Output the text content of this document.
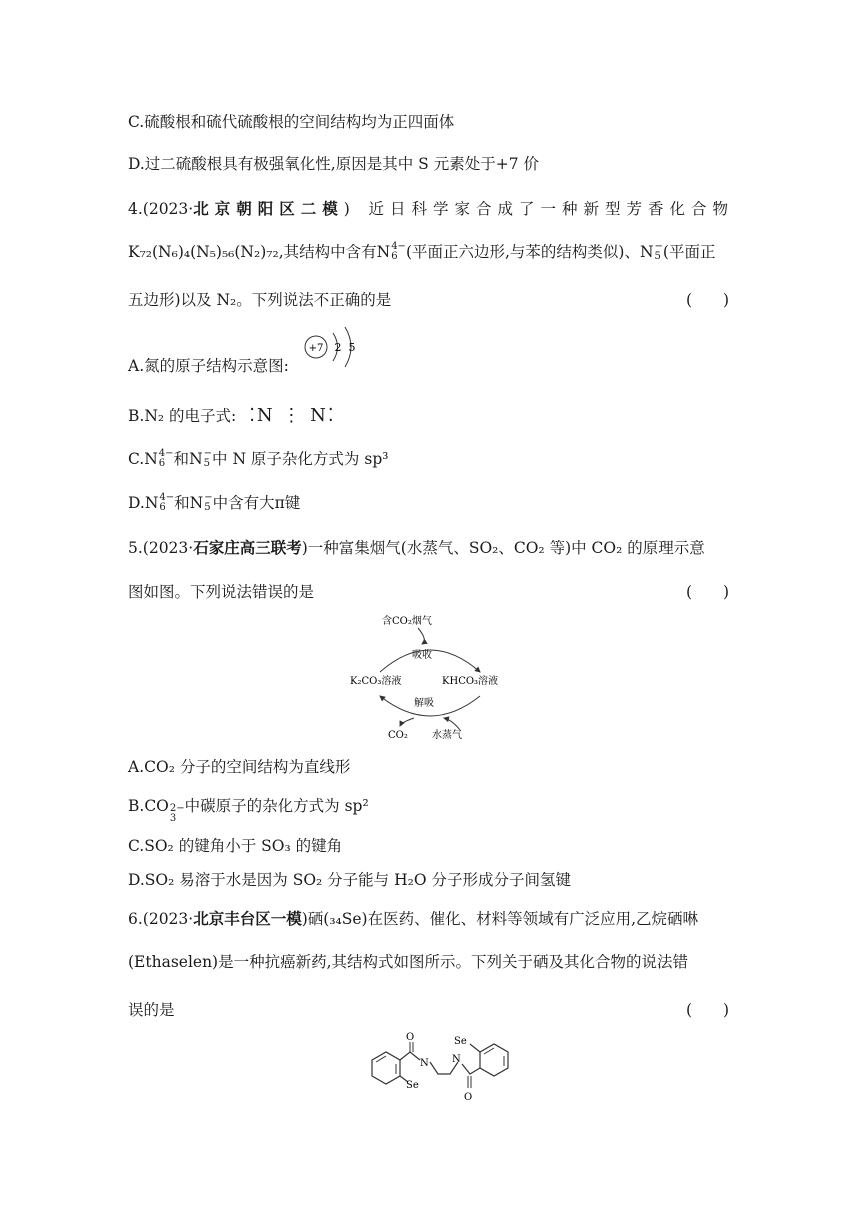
C.硫酸根和硫代硫酸根的空间结构均为正四面体
D.过二硫酸根具有极强氧化性,原因是其中 S 元素处于+7 价
4.(2023·北京朝阳区二模) 近日科学家合成了一种新型芳香化合物
K₇₂(N₆)₄(N₅)₅₆(N₂)₇₂,其结构中含有 N 4−
6 (平面正六边形,与苯的结构类似)、 N −
5 (平面正
五边形)以及 N₂。下列说法不正确的是	(　　)
A.氮的原子结构示意图:
+7 2 5
B.N₂ 的电子式: ⁚N ⋮ N⁚
C. N 4−
6 和 N −
5 中 N 原子杂化方式为 sp³
D. N 4−
6 和 N −
5 中含有大π键
5.(2023·石家庄高三联考)一种富集烟气(水蒸气、SO₂、CO₂ 等)中 CO₂ 的原理示意
图如图。下列说法错误的是	(　　)
含CO₂烟气
吸收
K₂CO₃溶液	KHCO₃溶液
解吸
CO₂ 水蒸气
A.CO₂ 分子的空间结构为直线形
B.CO 2−
3
中碳原子的杂化方式为 sp²
C.SO₂ 的键角小于 SO₃ 的键角
D.SO₂ 易溶于水是因为 SO₂ 分子能与 H₂O 分子形成分子间氢键
6.(2023·北京丰台区一模)硒(₃₄Se)在医药、催化、材料等领域有广泛应用,乙烷硒啉
(Ethaselen)是一种抗癌新药,其结构式如图所示。下列关于硒及其化合物的说法错
误的是	(　　)
O
N
Se
N
Se
O
